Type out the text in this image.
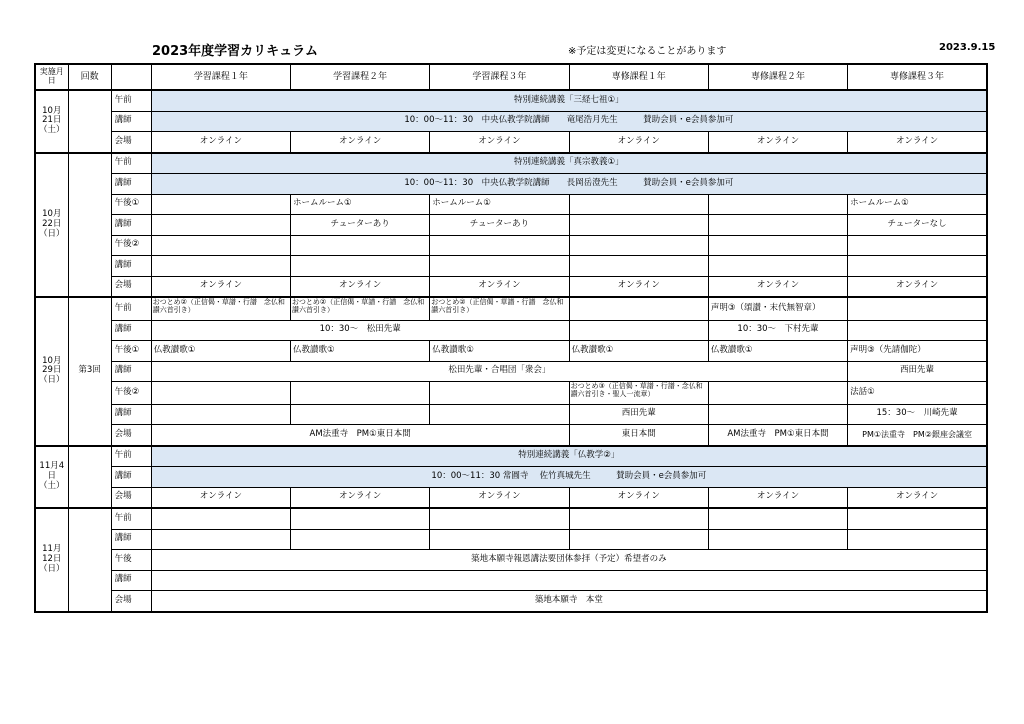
2023年度学習カリキュラム	※予定は変更になることがあります	2023.9.15
実施月日	回数		学習課程１年	学習課程２年	学習課程３年	専修課程１年	専修課程２年	専修課程３年
10月21日（土）		午前	特別連続講義「三経七祖①」					
		講師	10：00～11：30　中央仏教学院講師　　竜尾浩月先生　　　賛助会員・e会員参加可					
		会場	オンライン	オンライン	オンライン	オンライン	オンライン	オンライン
10月22日（日）		午前	特別連続講義「真宗教義①」					
		講師	10：00～11：30　中央仏教学院講師　　長岡岳澄先生　　　賛助会員・e会員参加可					
		午後①		ホームルーム①	ホームルーム①			ホームルーム①
		講師		チューターあり	チューターあり			チューターなし
		午後②						
		講師						
		会場	オンライン	オンライン	オンライン	オンライン	オンライン	オンライン
10月29日（日）	第3回	午前	おつとめ②（正信偈・草譜・行譜　念仏和讃六首引き）	おつとめ②（正信偈・草譜・行譜　念仏和讃六首引き）	おつとめ②（正信偈・草譜・行譜　念仏和讃六首引き）		声明③（頌讃・末代無智章）	
		講師	10：30～　松田先輩				10：30～　下村先輩	
		午後①	仏教讃歌①	仏教讃歌①	仏教讃歌①	仏教讃歌①	仏教讃歌①	声明③（先請伽陀）
		講師	松田先輩・合唱団「衆会」					西田先輩
		午後②				おつとめ③（正信偈・草譜・行譜・念仏和讃六首引き・聖人一流章）		法話①
		講師				西田先輩		15：30～　川崎先輩
		会場	AM法重寺　PM①東日本間			東日本間	AM法重寺　PM①東日本間	PM①法重寺　PM②銀座会議室
11月4日（土）		午前	特別連続講義「仏教学②」					
		講師	10：00～11：30 常圓寺　 佐竹真城先生　　　賛助会員・e会員参加可					
		会場	オンライン	オンライン	オンライン	オンライン	オンライン	オンライン
11月12日（日）		午前						
		講師						
		午後	築地本願寺報恩講法要団体参拝（予定）希望者のみ					
		講師						
		会場	築地本願寺　本堂					
